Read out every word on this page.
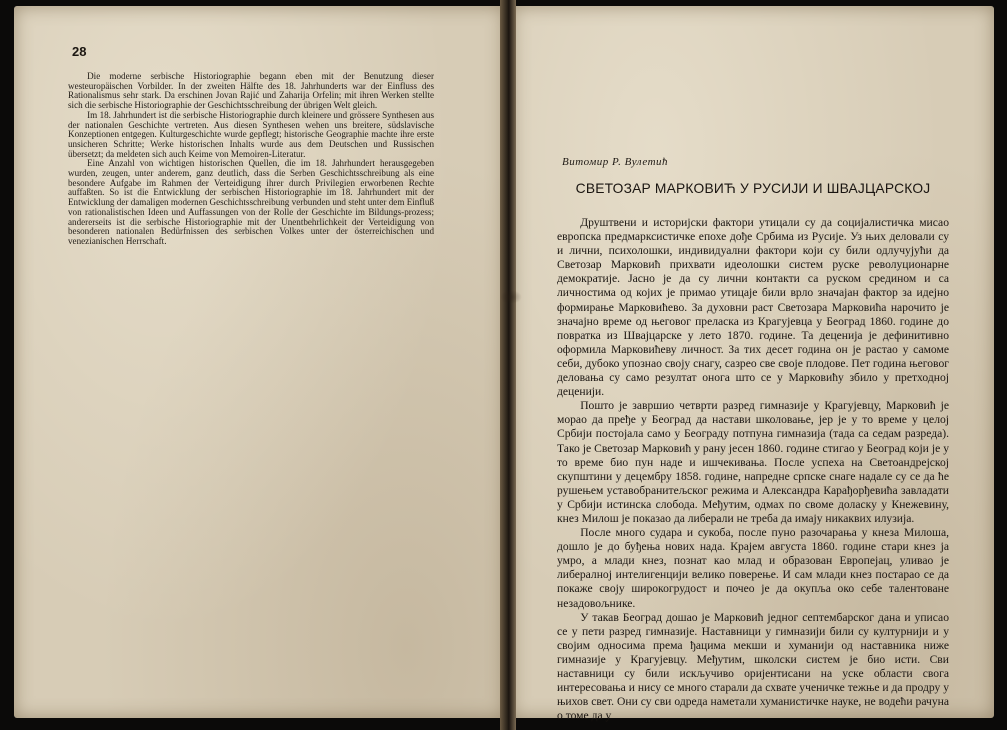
28

Die moderne serbische Historiographie begann eben mit der Benutzung dieser westeuropäischen Vorbilder. In der zweiten Hälfte des 18. Jahrhunderts war der Einfluss des Rationalismus sehr stark. Da erschinen Jovan Rajić und Zaharija Orfelin; mit ihren Werken stellte sich die serbische Historiographie der Geschichtsschreibung der übrigen Welt gleich.

Im 18. Jahrhundert ist die serbische Historiographie durch kleinere und grössere Synthesen aus der nationalen Geschichte vertreten. Aus diesen Synthesen wehen uns breitere, südslavische Konzeptionen entgegen. Kulturgeschichte wurde gepflegt; historische Geographie machte ihre erste unsicheren Schritte; Werke historischen Inhalts wurde aus dem Deutschen und Russischen übersetzt; da meldeten sich auch Keime von Memoiren-Literatur.

Eine Anzahl von wichtigen historischen Quellen, die im 18. Jahrhundert herausgegeben wurden, zeugen, unter anderem, ganz deutlich, dass die Serben Geschichtsschreibung als eine besondere Aufgabe im Rahmen der Verteidigung ihrer durch Privilegien erworbenen Rechte auffaßten. So ist die Entwicklung der serbischen Historiographie im 18. Jahrhundert mit der Entwicklung der damaligen modernen Geschichtsschreibung verbunden und steht unter dem Einfluß von rationalistischen Ideen und Auffassungen von der Rolle der Geschichte im Bildungs-prozess; andererseits ist die serbische Historiographie mit der Unentbehrlichkeit der Verteidigung von besonderen nationalen Bedürfnissen des serbischen Volkes unter der österreichischen und venezianischen Herrschaft.

Витомир Р. Вулетић
СВЕТОЗАР МАРКОВИЋ У РУСИЈИ И ШВАЈЦАРСКОЈ

Друштвени и историјски фактори утицали су да социјалистичка мисао европска предмарксистичке епохе дође Србима из Русије. Уз њих деловали су и лични, психолошки, индивидуални фактори који су били одлучујући да Светозар Марковић прихвати идеолошки систем руске револуционарне демократије. Јасно је да су лични контакти са руском средином и са личностима од којих је примао утицаје били врло значајан фактор за идејно формирање Марковићево. За духовни раст Светозара Марковића нарочито је значајно време од његовог преласка из Крагујевца у Београд 1860. године до повратка из Швајцарске у лето 1870. године. Та деценија је дефинитивно оформила Марковићеву личност. За тих десет година он је растао у самоме себи, дубоко упознао своју снагу, сазрео све своје плодове. Пет година његовог деловања су само резултат онога што се у Марковићу збило у претходној деценији.

Пошто је завршио четврти разред гимназије у Крагујевцу, Марковић је морао да пређе у Београд да настави школовање, јер је у то време у целој Србији постојала само у Београду потпуна гимназија (тада са седам разреда). Тако је Светозар Марковић у рану јесен 1860. године стигао у Београд који је у то време био пун наде и ишчекивања. После успеха на Светоандрејској скупштини у децембру 1858. године, напредне српске снаге надале су се да ће рушењем уставобранитељског режима и Александра Карађорђевића завладати у Србији истинска слобода. Међутим, одмах по своме доласку у Кнежевину, кнез Милош је показао да либерали не треба да имају никаквих илузија.

После много судара и сукоба, после пуно разочарања у кнеза Милоша, дошло је до буђења нових нада. Крајем августа 1860. године стари кнез ја умро, а млади кнез, познат као млад и образован Европејац, уливао је либералној интелигенцији велико поверење. И сам млади кнез постарао се да покаже своју широкогрудост и почео је да окупља око себе талентоване незадовољнике.

У такав Београд дошао је Марковић једног септембарског дана и уписао се у пети разред гимназије. Наставници у гимназији били су културнији и у својим односима према ђацима мекши и хуманији од наставника ниже гимназије у Крагујевцу. Међутим, школски систем је био исти. Сви наставници су били искључиво оријентисани на уске области свога интересовања и нису се много старали да схвате ученичке тежње и да продру у њихов свет. Они су сви одреда наметали хуманистичке науке, не водећи рачуна о томе да у
